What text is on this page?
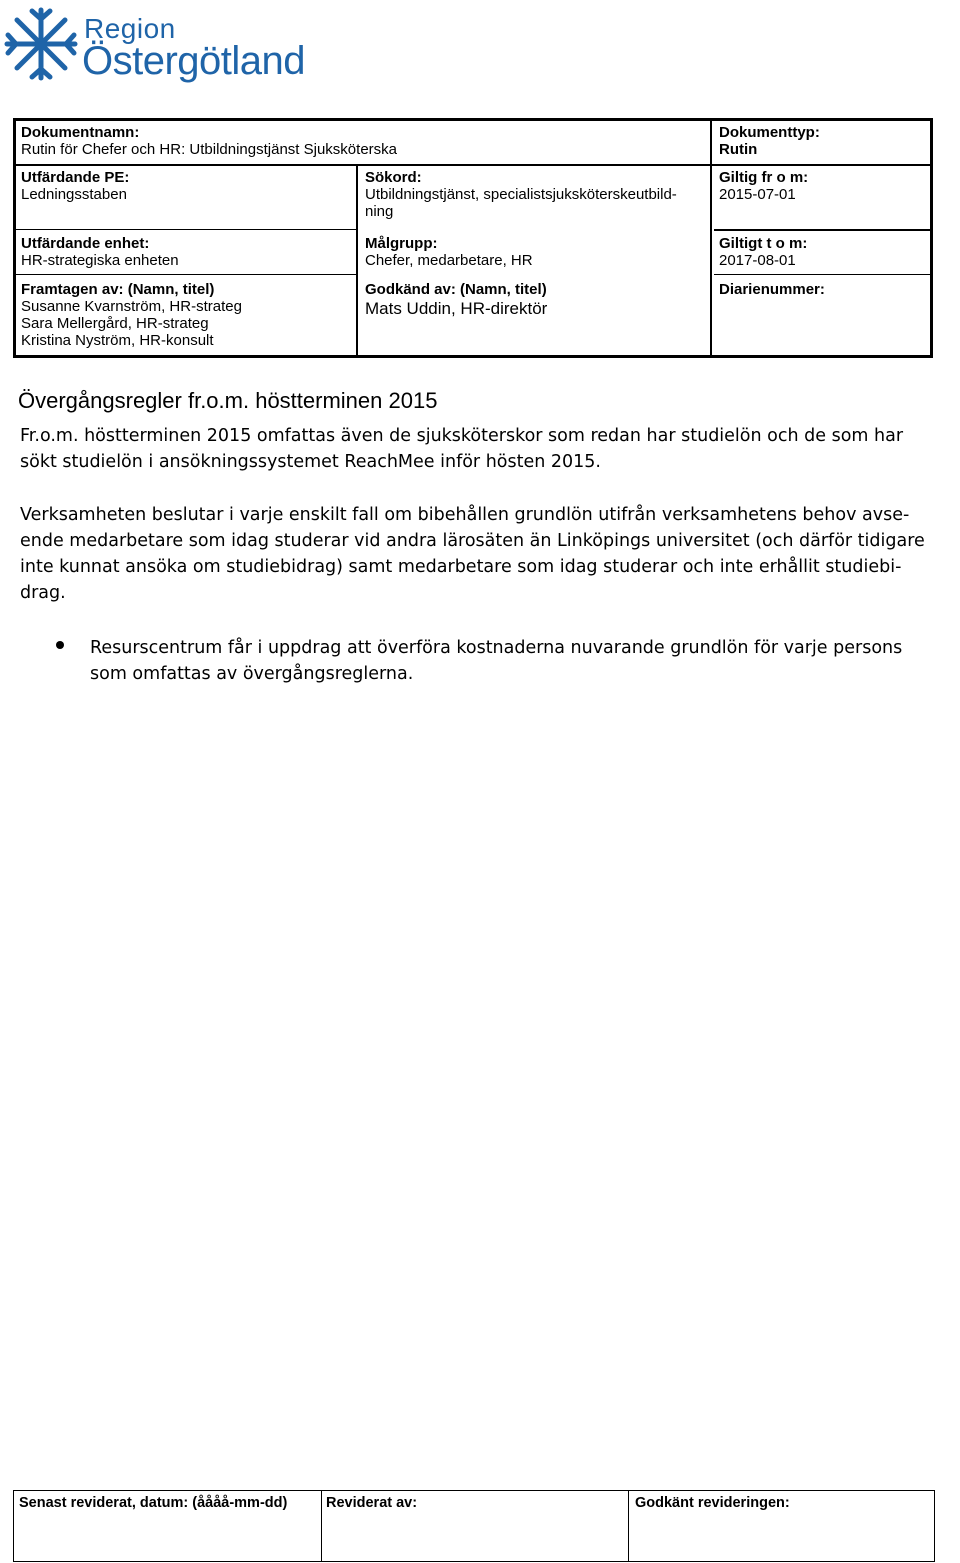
Region
Östergötland
Dokumentnamn:
Rutin för Chefer och HR: Utbildningstjänst Sjuksköterska
Dokumenttyp:
Rutin
Utfärdande PE:
Ledningsstaben
Sökord:
Utbildningstjänst, specialistsjuksköterskeutbild-ning
Giltig fr o m:
2015-07-01
Utfärdande enhet:
HR-strategiska enheten
Målgrupp:
Chefer, medarbetare, HR
Giltigt t o m:
2017-08-01
Framtagen av: (Namn, titel)
Susanne Kvarnström, HR-strateg
Sara Mellergård, HR-strateg
Kristina Nyström, HR-konsult
Godkänd av: (Namn, titel)
Mats Uddin, HR-direktör
Diarienummer:
Övergångsregler fr.o.m. höstterminen 2015
Fr.o.m. höstterminen 2015 omfattas även de sjuksköterskor som redan har studielön och de som har sökt studielön i ansökningssystemet ReachMee inför hösten 2015.
Verksamheten beslutar i varje enskilt fall om bibehållen grundlön utifrån verksamhetens behov avse-ende medarbetare som idag studerar vid andra lärosäten än Linköpings universitet (och därför tidigare inte kunnat ansöka om studiebidrag) samt medarbetare som idag studerar och inte erhållit studiebi-drag.
Resurscentrum får i uppdrag att överföra kostnaderna nuvarande grundlön för varje persons som omfattas av övergångsreglerna.
Senast reviderat, datum: (åååå-mm-dd)	Reviderat av:	Godkänt revideringen:
